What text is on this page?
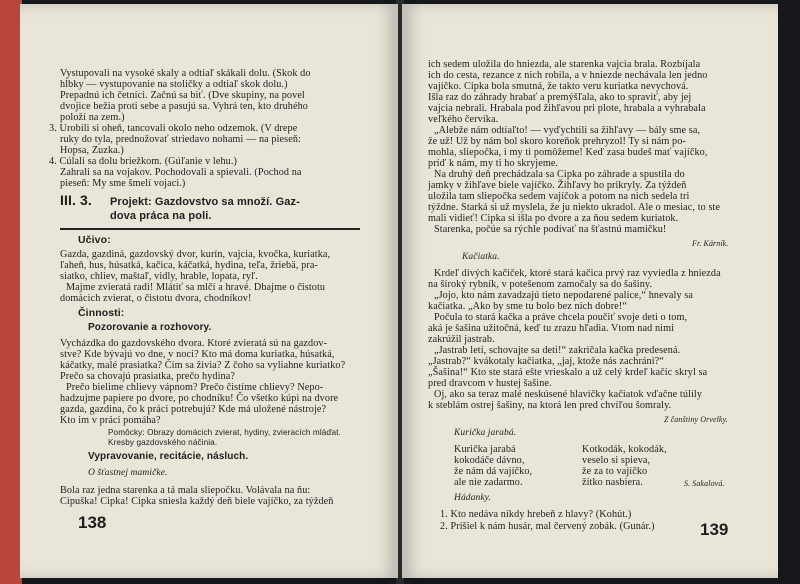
Vystupovali na vysoké skaly a odtiaľ skákali dolu. (Skok do
hĺbky — vystupovanie na stoličky a odtiaľ skok dolu.)
Prepadnú ich četníci. Začnú sa biť. (Dve skupiny, na povel
dvojice bežia proti sebe a pasujú sa. Vyhrá ten, kto druhého
položí na zem.)
3. Urobili si oheň, tancovali okolo neho odzemok. (V drepe
ruky do tyla, prednožovať striedavo nohami — na pieseň:
Hopsa, Zuzka.)
4. Cúlali sa dolu briežkom. (Gúľanie v lehu.)
Zahrali sa na vojakov. Pochodovali a spievali. (Pochod na
pieseň: My sme šmelí vojaci.)
III. 3. Projekt: Gazdovstvo sa množí. Gaz-
dova práca na poli.
Učivo:
Gazda, gazdiná, gazdovský dvor, kurín, vajcia, kvočka, kuriatka,
ľaheň, hus, húsatká, kačica, káčatká, hydina, teľa, žriebä, pra-
siatko, chliev, maštaľ, vidly, hrable, lopata, ryľ.
Majme zvieratá radi! Mlátiť sa mlčí a hravé. Dbajme o čistotu
domácich zvierat, o čistotu dvora, chodníkov!
Činnosti:
Pozorovanie a rozhovory.
Vycházdka do gazdovského dvora. Ktoré zvieratá sú na gazdov-
stve? Kde bývajú vo dne, v noci? Kto má doma kuriatka, húsatká,
káčatky, malé prasiatka? Čím sa živia? Z čoho sa vyliahne kuriatko?
Prečo sa chovajú prasiatka, prečo hydina?
Prečo bielime chlievy vápnom? Prečo čistíme chlievy? Nepo-
hadzujme papiere po dvore, po chodníku! Čo všetko kúpi na dvore
gazda, gazdina, čo k práci potrebujú? Kde má uložené nástroje?
Kto im v práci pomáha?
Pomôcky: Obrazy domácich zvierat, hydiny, zvieracích mláďat.
Kresby gazdovského náčinia.
Vypravovanie, recitácie, násluch.
O šťastnej mamičke.
Bola raz jedna starenka a tá mala sliepočku. Volávala na ňu:
Cipuška! Cipka! Cipka sniesla každý deň biele vajíčko, za týždeň
138
ich sedem uložila do hniezda, ale starenka vajcia brala. Rozbíjala
ich do cesta, rezance z nich robila, a v hniezde nechávala len jedno
vajíčko. Cipka bola smutná, že takto veru kuriatka nevychová.
Išla raz do záhrady hrabať a premýšľala, ako to spraviť, aby jej
vajcia nebrali. Hrabala pod žihľavou pri plote, hrabala a vyhrabala
veľkého červíka.
„Alebže nám odtiaľto! — vyďychtili sa žihľavy — bály sme sa,
že už! Už by nám bol skoro koreňok prehryzol! Ty si nám po-
mohla, sliepočka, i my ti pomôžeme! Keď zasa budeš mať vajíčko,
príď k nám, my ti ho skryjeme.
Na druhý deň prechádzala sa Cipka po záhrade a spustila do
jamky v žihľave biele vajíčko. Žihľavy ho prikryly. Za týždeň
uložila tam sliepočka sedem vajíčok a potom na nich sedela tri
týždne. Starká si už myslela, že ju niekto ukradol. Ale o mesiac, to ste
mali vidieť! Cipka si išla po dvore a za ňou sedem kuriatok.
Starenka, počúe sa rýchle podívať na šťastnú mamičku!
Fr. Kárník.
Kačiatka.
Krdeľ divých kačiček, ktoré stará kačica prvý raz vyviedla z hniezda
na šíroký rybník, v potešenom zamočaly sa do šašiny.
„Jojo, kto nám zavadzajú tieto nepodarené palice,“ hnevaly sa
kačiatka. „Ako by sme tu bolo bez nich dobre!“
Počula to stará kačka a práve chcela poučiť svoje deti o tom,
aká je šašina užitočná, keď tu zrazu hľadia. Vtom nad nimi
zakrúžil jastrab.
„Jastrab letí, schovajte sa deti!“ zakričala kačka predesená.
„Jastrab?“ kvákotaly kačiatka, „jaj, ktože nás zachráni?“
„Šašina!“ Kto ste stará ešte vrieskalo a už celý krdeľ kačíc skryl sa
pred dravcom v hustej šašine.
Oj, ako sa teraz malé neskúsené hlavičky kačiatok vďačne túlily
k steblám ostrej šašiny, na ktorá len pred chvíľou šomraly.
Z čanštiny Orvelky.
Kurička jarabá.
Kurička jarabá
kokodáče dávno,
že nám dá vajíčko,
ale nie zadarmo.
Kotkodák, kokodák,
veselo si spieva,
že za to vajíčko
žitko nasbiera.	S. Sakalová.
Hádanky.
1. Kto nedáva nikdy hrebeň z hlavy? (Kohút.)
2. Príšiel k nám husár, mal červený zobák. (Gunár.)	139
